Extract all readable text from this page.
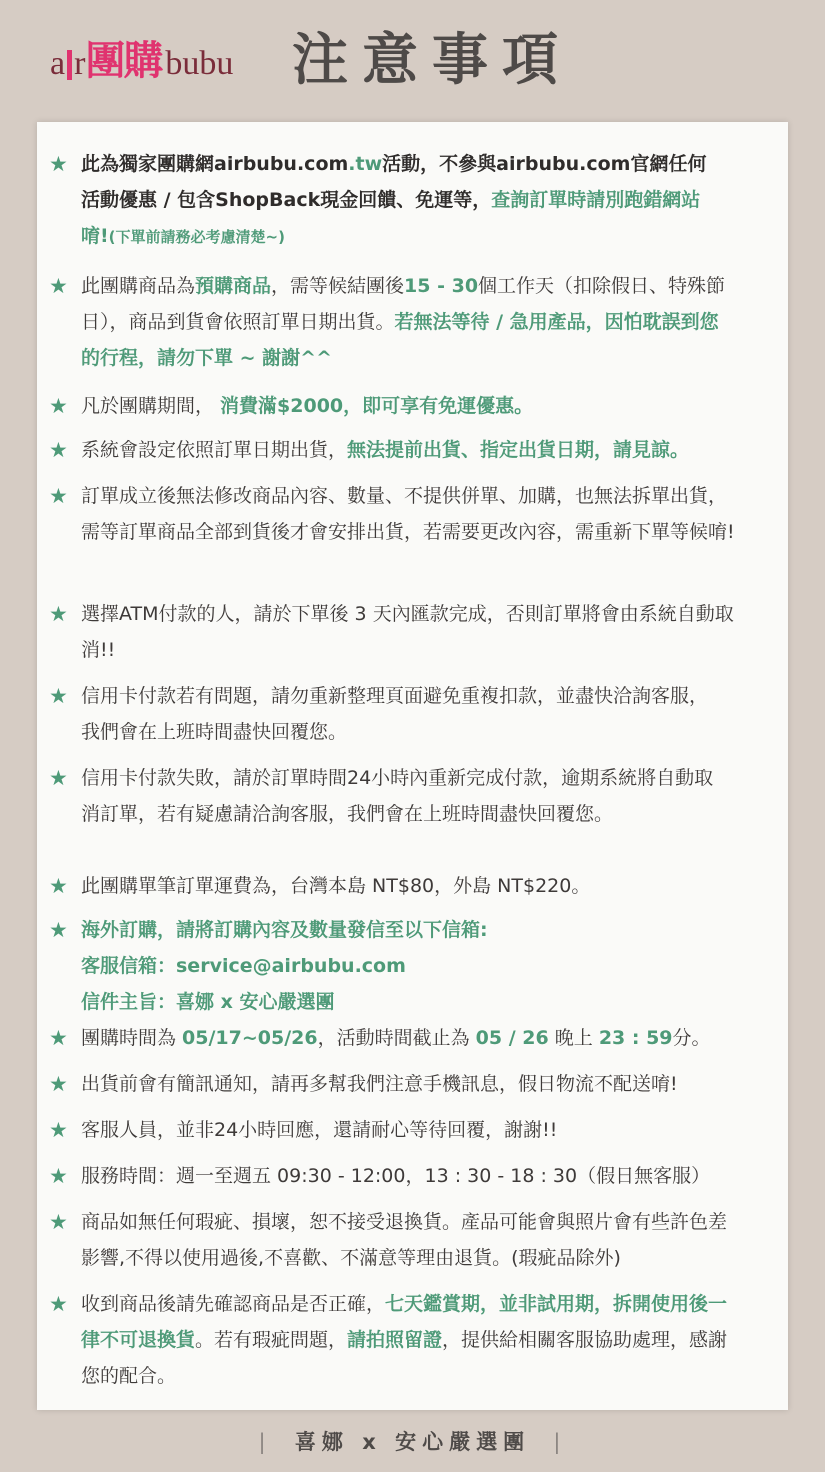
a r 團購 bubu 注意事項
★ 此為獨家團購網airbubu.com.tw活動，不參與airbubu.com官網任何活動優惠 / 包含ShopBack現金回饋、免運等，查詢訂單時請別跑錯網站唷!(下單前請務必考慮清楚~)
★ 此團購商品為預購商品，需等候結團後15 - 30個工作天（扣除假日、特殊節日），商品到貨會依照訂單日期出貨。若無法等待 / 急用產品，因怕耽誤到您的行程，請勿下單 ~ 謝謝^^
★ 凡於團購期間， 消費滿$2000，即可享有免運優惠。
★ 系統會設定依照訂單日期出貨，無法提前出貨、指定出貨日期，請見諒。
★ 訂單成立後無法修改商品內容、數量、不提供併單、加購，也無法拆單出貨，需等訂單商品全部到貨後才會安排出貨，若需要更改內容，需重新下單等候唷!
★ 選擇ATM付款的人，請於下單後 3 天內匯款完成，否則訂單將會由系統自動取消!!
★ 信用卡付款若有問題，請勿重新整理頁面避免重複扣款，並盡快洽詢客服，我們會在上班時間盡快回覆您。
★ 信用卡付款失敗，請於訂單時間24小時內重新完成付款，逾期系統將自動取消訂單，若有疑慮請洽詢客服，我們會在上班時間盡快回覆您。
★ 此團購單筆訂單運費為，台灣本島 NT$80，外島 NT$220。
★ 海外訂購，請將訂購內容及數量發信至以下信箱:
客服信箱：service@airbubu.com
信件主旨：喜娜 x 安心嚴選團
★ 團購時間為 05/17~05/26，活動時間截止為 05 / 26 晚上 23 : 59分。
★ 出貨前會有簡訊通知，請再多幫我們注意手機訊息，假日物流不配送唷!
★ 客服人員，並非24小時回應，還請耐心等待回覆，謝謝!!
★ 服務時間：週一至週五 09:30 - 12:00，13 : 30 - 18 : 30（假日無客服）
★ 商品如無任何瑕疵、損壞，恕不接受退換貨。產品可能會與照片會有些許色差影響,不得以使用過後,不喜歡、不滿意等理由退貨。(瑕疵品除外)
★ 收到商品後請先確認商品是否正確，七天鑑賞期，並非試用期，拆開使用後一律不可退換貨。若有瑕疵問題，請拍照留證，提供給相關客服協助處理，感謝您的配合。
| 喜娜 x 安心嚴選團 |
